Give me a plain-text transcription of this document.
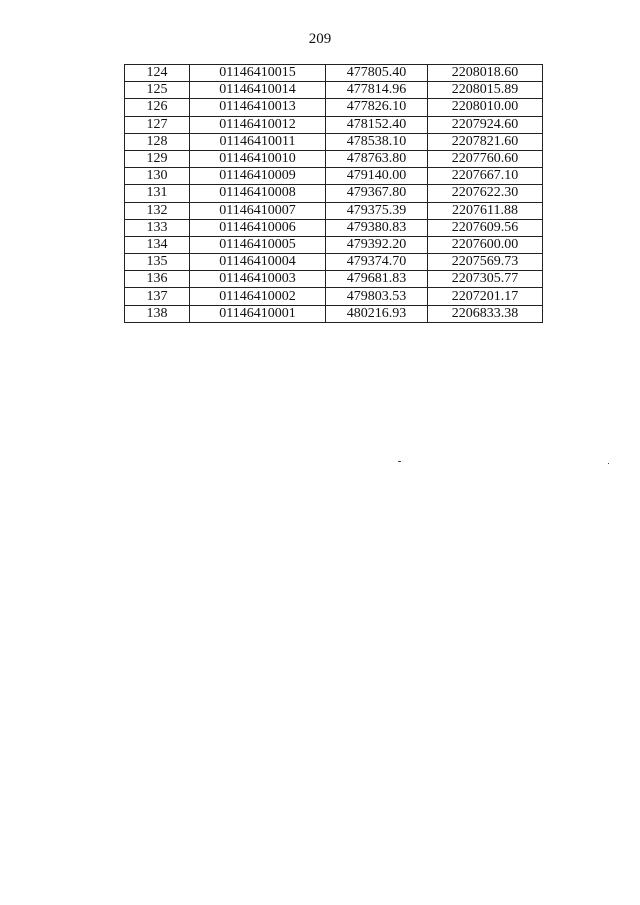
209
124	01146410015	477805.40	2208018.60
125	01146410014	477814.96	2208015.89
126	01146410013	477826.10	2208010.00
127	01146410012	478152.40	2207924.60
128	01146410011	478538.10	2207821.60
129	01146410010	478763.80	2207760.60
130	01146410009	479140.00	2207667.10
131	01146410008	479367.80	2207622.30
132	01146410007	479375.39	2207611.88
133	01146410006	479380.83	2207609.56
134	01146410005	479392.20	2207600.00
135	01146410004	479374.70	2207569.73
136	01146410003	479681.83	2207305.77
137	01146410002	479803.53	2207201.17
138	01146410001	480216.93	2206833.38
